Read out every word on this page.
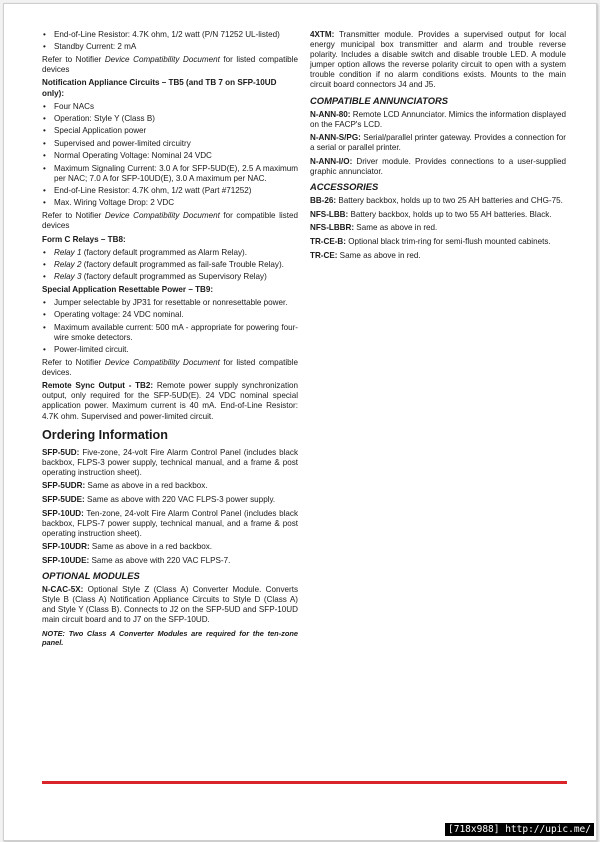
• End-of-Line Resistor: 4.7K ohm, 1/2 watt (P/N 71252 UL-listed)
• Standby Current: 2 mA

Refer to Notifier Device Compatibility Document for listed compatible devices

Notification Appliance Circuits – TB5 (and TB 7 on SFP-10UD only):
• Four NACs
• Operation: Style Y (Class B)
• Special Application power
• Supervised and power-limited circuitry
• Normal Operating Voltage: Nominal 24 VDC
• Maximum Signaling Current: 3.0 A for SFP-5UD(E), 2.5 A maximum per NAC; 7.0 A for SFP-10UD(E), 3.0 A maximum per NAC.
• End-of-Line Resistor: 4.7K ohm, 1/2 watt (Part #71252)
• Max. Wiring Voltage Drop: 2 VDC

Refer to Notifier Device Compatibility Document for compatible listed devices

Form C Relays – TB8:
• Relay 1 (factory default programmed as Alarm Relay).
• Relay 2 (factory default programmed as fail-safe Trouble Relay).
• Relay 3 (factory default programmed as Supervisory Relay)
Special Application Resettable Power – TB9:
• Jumper selectable by JP31 for resettable or nonresettable power.
• Operating voltage: 24 VDC nominal.
• Maximum available current: 500 mA - appropriate for powering four-wire smoke detectors.
• Power-limited circuit.

Refer to Notifier Device Compatibility Document for listed compatible devices.

Remote Sync Output - TB2: Remote power supply synchronization output, only required for the SFP-5UD(E). 24 VDC nominal special application power. Maximum current is 40 mA. End-of-Line Resistor: 4.7K ohm. Supervised and power-limited circuit.

Ordering Information

SFP-5UD: Five-zone, 24-volt Fire Alarm Control Panel (includes black backbox, FLPS-3 power supply, technical manual, and a frame & post operating instruction sheet).

SFP-5UDR: Same as above in a red backbox.

SFP-5UDE: Same as above with 220 VAC FLPS-3 power supply.

SFP-10UD: Ten-zone, 24-volt Fire Alarm Control Panel (includes black backbox, FLPS-7 power supply, technical manual, and a frame & post operating instruction sheet).

SFP-10UDR: Same as above in a red backbox.

SFP-10UDE: Same as above with 220 VAC FLPS-7.

OPTIONAL MODULES

N-CAC-5X: Optional Style Z (Class A) Converter Module. Converts Style B (Class A) Notification Appliance Circuits to Style D (Class A) and Style Y (Class B). Connects to J2 on the SFP-5UD and SFP-10UD main circuit board and to J7 on the SFP-10UD.

NOTE: Two Class A Converter Modules are required for the ten-zone panel.

4XTM: Transmitter module. Provides a supervised output for local energy municipal box transmitter and alarm and trouble reverse polarity. Includes a disable switch and disable trouble LED. A module jumper option allows the reverse polarity circuit to open with a system trouble condition if no alarm conditions exists. Mounts to the main circuit board connectors J4 and J5.

COMPATIBLE ANNUNCIATORS

N-ANN-80: Remote LCD Annunciator. Mimics the information displayed on the FACP's LCD.

N-ANN-S/PG: Serial/parallel printer gateway. Provides a connection for a serial or parallel printer.

N-ANN-I/O: Driver module. Provides connections to a user-supplied graphic annunciator.

ACCESSORIES

BB-26: Battery backbox, holds up to two 25 AH batteries and CHG-75.

NFS-LBB: Battery backbox, holds up to two 55 AH batteries. Black.

NFS-LBBR: Same as above in red.

TR-CE-B: Optional black trim-ring for semi-flush mounted cabinets.

TR-CE: Same as above in red.

[718x988] http://upic.me/
